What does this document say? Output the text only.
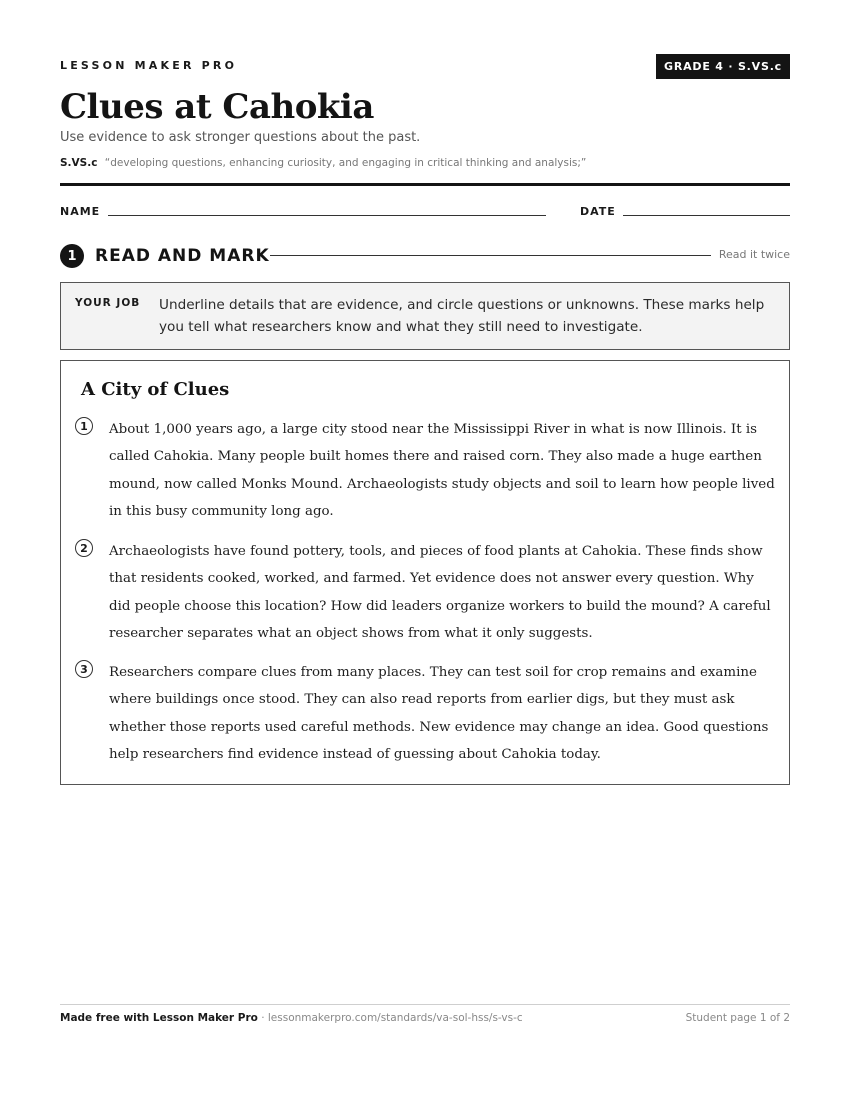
LESSON MAKER PRO	GRADE 4 · S.VS.c
Clues at Cahokia
Use evidence to ask stronger questions about the past.
S.VS.c “developing questions, enhancing curiosity, and engaging in critical thinking and analysis;”
NAME	DATE
1	READ AND MARK	Read it twice
YOUR JOB Underline details that are evidence, and circle questions or unknowns. These marks help you tell what researchers know and what they still need to investigate.
A City of Clues
1	About 1,000 years ago, a large city stood near the Mississippi River in what is now Illinois. It is called Cahokia. Many people built homes there and raised corn. They also made a huge earthen mound, now called Monks Mound. Archaeologists study objects and soil to learn how people lived in this busy community long ago.

2	Archaeologists have found pottery, tools, and pieces of food plants at Cahokia. These finds show that residents cooked, worked, and farmed. Yet evidence does not answer every question. Why did people choose this location? How did leaders organize workers to build the mound? A careful researcher separates what an object shows from what it only suggests.

3	Researchers compare clues from many places. They can test soil for crop remains and examine where buildings once stood. They can also read reports from earlier digs, but they must ask whether those reports used careful methods. New evidence may change an idea. Good questions help researchers find evidence instead of guessing about Cahokia today.

Made free with Lesson Maker Pro · lessonmakerpro.com/standards/va-sol-hss/s-vs-c	Student page 1 of 2
